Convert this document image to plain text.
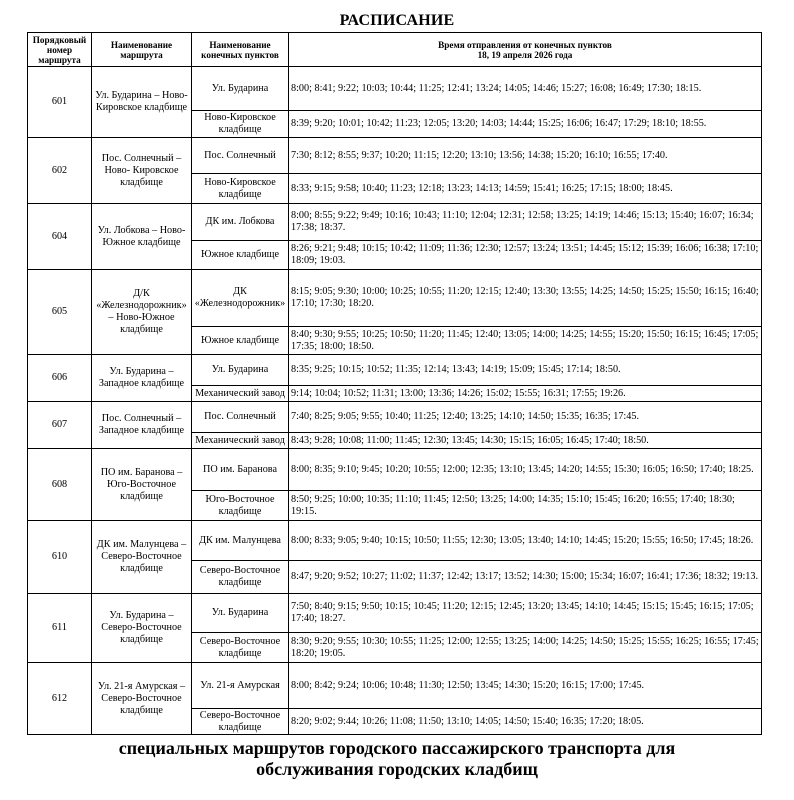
РАСПИСАНИЕ
Порядковый номер маршрута	Наименование маршрута	Наименование конечных пунктов	Время отправления от конечных пунктов
18, 19 апреля 2026 года

601	Ул. Бударина – Ново-Кировское кладбище	Ул. Бударина	8:00; 8:41; 9:22; 10:03; 10:44; 11:25; 12:41; 13:24; 14:05; 14:46; 15:27; 16:08; 16:49; 17:30; 18:15.
		Ново-Кировское кладбище	8:39; 9:20; 10:01; 10:42; 11:23; 12:05; 13:20; 14:03; 14:44; 15:25; 16:06; 16:47; 17:29; 18:10; 18:55.
602	Пос. Солнечный – Ново- Кировское кладбище	Пос. Солнечный	7:30; 8:12; 8:55; 9:37; 10:20; 11:15; 12:20; 13:10; 13:56; 14:38; 15:20; 16:10; 16:55; 17:40.
		Ново-Кировское кладбище	8:33; 9:15; 9:58; 10:40; 11:23; 12:18; 13:23; 14:13; 14:59; 15:41; 16:25; 17:15; 18:00; 18:45.
604	Ул. Лобкова – Ново-Южное кладбище	ДК им. Лобкова	8:00; 8:55; 9:22; 9:49; 10:16; 10:43; 11:10; 12:04; 12:31; 12:58; 13:25; 14:19; 14:46; 15:13; 15:40; 16:07; 16:34; 17:38; 18:37.
		Южное кладбище	8:26; 9:21; 9:48; 10:15; 10:42; 11:09; 11:36; 12:30; 12:57; 13:24; 13:51; 14:45; 15:12; 15:39; 16:06; 16:38; 17:10; 18:09; 19:03.
605	Д/К «Железнодорожник» – Ново-Южное кладбище	ДК «Железнодорожник»	8:15; 9:05; 9:30; 10:00; 10:25; 10:55; 11:20; 12:15; 12:40; 13:30; 13:55; 14:25; 14:50; 15:25; 15:50; 16:15; 16:40; 17:10; 17:30; 18:20.
		Южное кладбище	8:40; 9:30; 9:55; 10:25; 10:50; 11:20; 11:45; 12:40; 13:05; 14:00; 14:25; 14:55; 15:20; 15:50; 16:15; 16:45; 17:05; 17:35; 18:00; 18:50.
606	Ул. Бударина – Западное кладбище	Ул. Бударина	8:35; 9:25; 10:15; 10:52; 11:35; 12:14; 13:43; 14:19; 15:09; 15:45; 17:14; 18:50.
		Механический завод	9:14; 10:04; 10:52; 11:31; 13:00; 13:36; 14:26; 15:02; 15:55; 16:31; 17:55; 19:26.
607	Пос. Солнечный – Западное кладбище	Пос. Солнечный	7:40; 8:25; 9:05; 9:55; 10:40; 11:25; 12:40; 13:25; 14:10; 14:50; 15:35; 16:35; 17:45.
		Механический завод	8:43; 9:28; 10:08; 11:00; 11:45; 12:30; 13:45; 14:30; 15:15; 16:05; 16:45; 17:40; 18:50.
608	ПО им. Баранова – Юго-Восточное кладбище	ПО им. Баранова	8:00; 8:35; 9:10; 9:45; 10:20; 10:55; 12:00; 12:35; 13:10; 13:45; 14:20; 14:55; 15:30; 16:05; 16:50; 17:40; 18:25.
		Юго-Восточное кладбище	8:50; 9:25; 10:00; 10:35; 11:10; 11:45; 12:50; 13:25; 14:00; 14:35; 15:10; 15:45; 16:20; 16:55; 17:40; 18:30; 19:15.
610	ДК им. Малунцева – Северо-Восточное кладбище	ДК им. Малунцева	8:00; 8:33; 9:05; 9:40; 10:15; 10:50; 11:55; 12:30; 13:05; 13:40; 14:10; 14:45; 15:20; 15:55; 16:50; 17:45; 18:26.
		Северо-Восточное кладбище	8:47; 9:20; 9:52; 10:27; 11:02; 11:37; 12:42; 13:17; 13:52; 14:30; 15:00; 15:34; 16:07; 16:41; 17:36; 18:32; 19:13.
611	Ул. Бударина – Северо-Восточное кладбище	Ул. Бударина	7:50; 8:40; 9:15; 9:50; 10:15; 10:45; 11:20; 12:15; 12:45; 13:20; 13:45; 14:10; 14:45; 15:15; 15:45; 16:15; 17:05; 17:40; 18:27.
		Северо-Восточное кладбище	8:30; 9:20; 9:55; 10:30; 10:55; 11:25; 12:00; 12:55; 13:25; 14:00; 14:25; 14:50; 15:25; 15:55; 16:25; 16:55; 17:45; 18:20; 19:05.
612	Ул. 21-я Амурская – Северо-Восточное кладбище	Ул. 21-я Амурская	8:00; 8:42; 9:24; 10:06; 10:48; 11:30; 12:50; 13:45; 14:30; 15:20; 16:15; 17:00; 17:45.
		Северо-Восточное кладбище	8:20; 9:02; 9:44; 10:26; 11:08; 11:50; 13:10; 14:05; 14:50; 15:40; 16:35; 17:20; 18:05.
специальных маршрутов городского пассажирского транспорта для
обслуживания городских кладбищ
